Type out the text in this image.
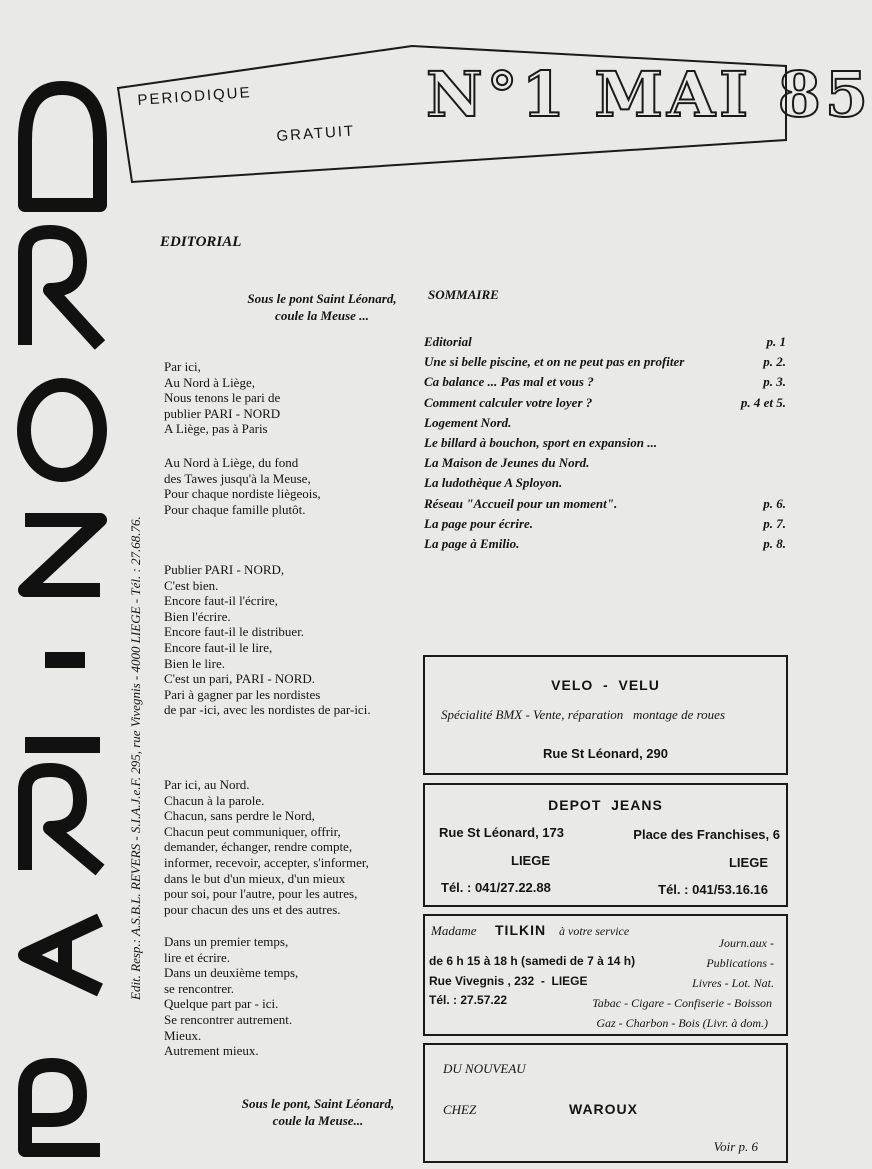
Edit. Resp.: A.S.B.L. REVERS - S.I.A.J.e.F. 295, rue Vivegnis - 4000 LIEGE - Tél. : 27.68.76.
PERIODIQUE
GRATUIT
N°1 MAI 85
EDITORIAL
Sous le pont Saint Léonard,
coule la Meuse ...
Par ici,
Au Nord à Liège,
Nous tenons le pari de
publier PARI - NORD
A Liège, pas à Paris
Au Nord à Liège, du fond
des Tawes jusqu'à la Meuse,
Pour chaque nordiste liègeois,
Pour chaque famille plutôt.
Publier PARI - NORD,
C'est bien.
Encore faut-il l'écrire,
Bien l'écrire.
Encore faut-il le distribuer.
Encore faut-il le lire,
Bien le lire.
C'est un pari, PARI - NORD.
Pari à gagner par les nordistes
de par -ici, avec les nordistes de par-ici.
Par ici, au Nord.
Chacun à la parole.
Chacun, sans perdre le Nord,
Chacun peut communiquer, offrir,
demander, échanger, rendre compte,
informer, recevoir, accepter, s'informer,
dans le but d'un mieux, d'un mieux
pour soi, pour l'autre, pour les autres,
pour chacun des uns et des autres.
Dans un premier temps,
lire et écrire.
Dans un deuxième temps,
se rencontrer.
Quelque part par - ici.
Se rencontrer autrement.
Mieux.
Autrement mieux.
Sous le pont, Saint Léonard,
coule la Meuse...
SOMMAIRE
Editorial	p. 1
Une si belle piscine, et on ne peut pas en profiter	p. 2.
Ca balance ... Pas mal et vous ?	p. 3.
Comment calculer votre loyer ?	p. 4 et 5.
Logement Nord.
Le billard à bouchon, sport en expansion ...
La Maison de Jeunes du Nord.
La ludothèque A Sployon.
Réseau "Accueil pour un moment".	p. 6.
La page pour écrire.	p. 7.
La page à Emilio.	p. 8.
VELO  -  VELU
Spécialité BMX - Vente, réparation   montage de roues
Rue St Léonard, 290
DEPOT  JEANS
Rue St Léonard, 173	Place des Franchises, 6
LIEGE	LIEGE
Tél. : 041/27.22.88	Tél. : 041/53.16.16
Madame TILKIN à votre service
Journ.aux -
de 6 h 15 à 18 h (samedi de 7 à 14 h)	Publications -
Rue Vivegnis , 232  -  LIEGE	Livres - Lot. Nat.
Tél. : 27.57.22	Tabac - Cigare - Confiserie - Boisson
Gaz - Charbon - Bois (Livr. à dom.)
DU NOUVEAU
CHEZ	WAROUX
Voir p. 6
